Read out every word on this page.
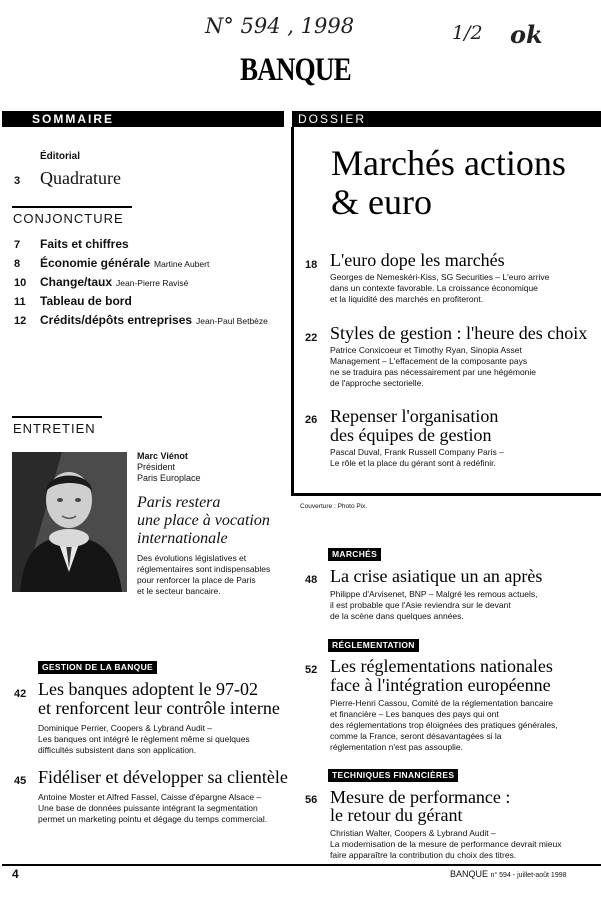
N° 594 , 1998	1/2 ok
BANQUE
SOMMAIRE	DOSSIER
Éditorial
3 Quadrature
CONJONCTURE
7	Faits et chiffres
8	Économie générale Martine Aubert
10	Change/taux Jean-Pierre Ravisé
11	Tableau de bord
12	Crédits/dépôts entreprises Jean-Paul Betbèze
ENTRETIEN
Marc Viénot
Président
Paris Europlace
Paris restera
une place à vocation
internationale
Des évolutions législatives et
réglementaires sont indispensables
pour renforcer la place de Paris
et le secteur bancaire.
GESTION DE LA BANQUE
42 Les banques adoptent le 97-02
et renforcent leur contrôle interne
Dominique Perrier, Coopers & Lybrand Audit –
Les banques ont intégré le règlement même si quelques
difficultés subsistent dans son application.
45 Fidéliser et développer sa clientèle
Antoine Moster et Alfred Fassel, Caisse d'épargne Alsace –
Une base de données puissante intégrant la segmentation
permet un marketing pointu et dégage du temps commercial.
Marchés actions
& euro
18 L'euro dope les marchés
Georges de Nemeskéri-Kiss, SG Securities – L'euro arrive
dans un contexte favorable. La croissance économique
et la liquidité des marchés en profiteront.
22 Styles de gestion : l'heure des choix
Patrice Conxicoeur et Timothy Ryan, Sinopia Asset
Management – L'effacement de la composante pays
ne se traduira pas nécessairement par une hégémonie
de l'approche sectorielle.
26 Repenser l'organisation
des équipes de gestion
Pascal Duval, Frank Russell Company Paris –
Le rôle et la place du gérant sont à redéfinir.
Couverture : Photo Pix.
MARCHÉS
48 La crise asiatique un an après
Philippe d'Arvisenet, BNP – Malgré les remous actuels,
il est probable que l'Asie reviendra sur le devant
de la scène dans quelques années.
RÉGLEMENTATION
52 Les réglementations nationales
face à l'intégration européenne
Pierre-Henri Cassou, Comité de la réglementation bancaire
et financière – Les banques des pays qui ont
des réglementations trop éloignées des pratiques générales,
comme la France, seront désavantagées si la
réglementation n'est pas assouplie.
TECHNIQUES FINANCIÈRES
56 Mesure de performance :
le retour du gérant
Christian Walter, Coopers & Lybrand Audit –
La modernisation de la mesure de performance devrait mieux
faire apparaître la contribution du choix des titres.
4	BANQUE n° 594 - juillet-août 1998
